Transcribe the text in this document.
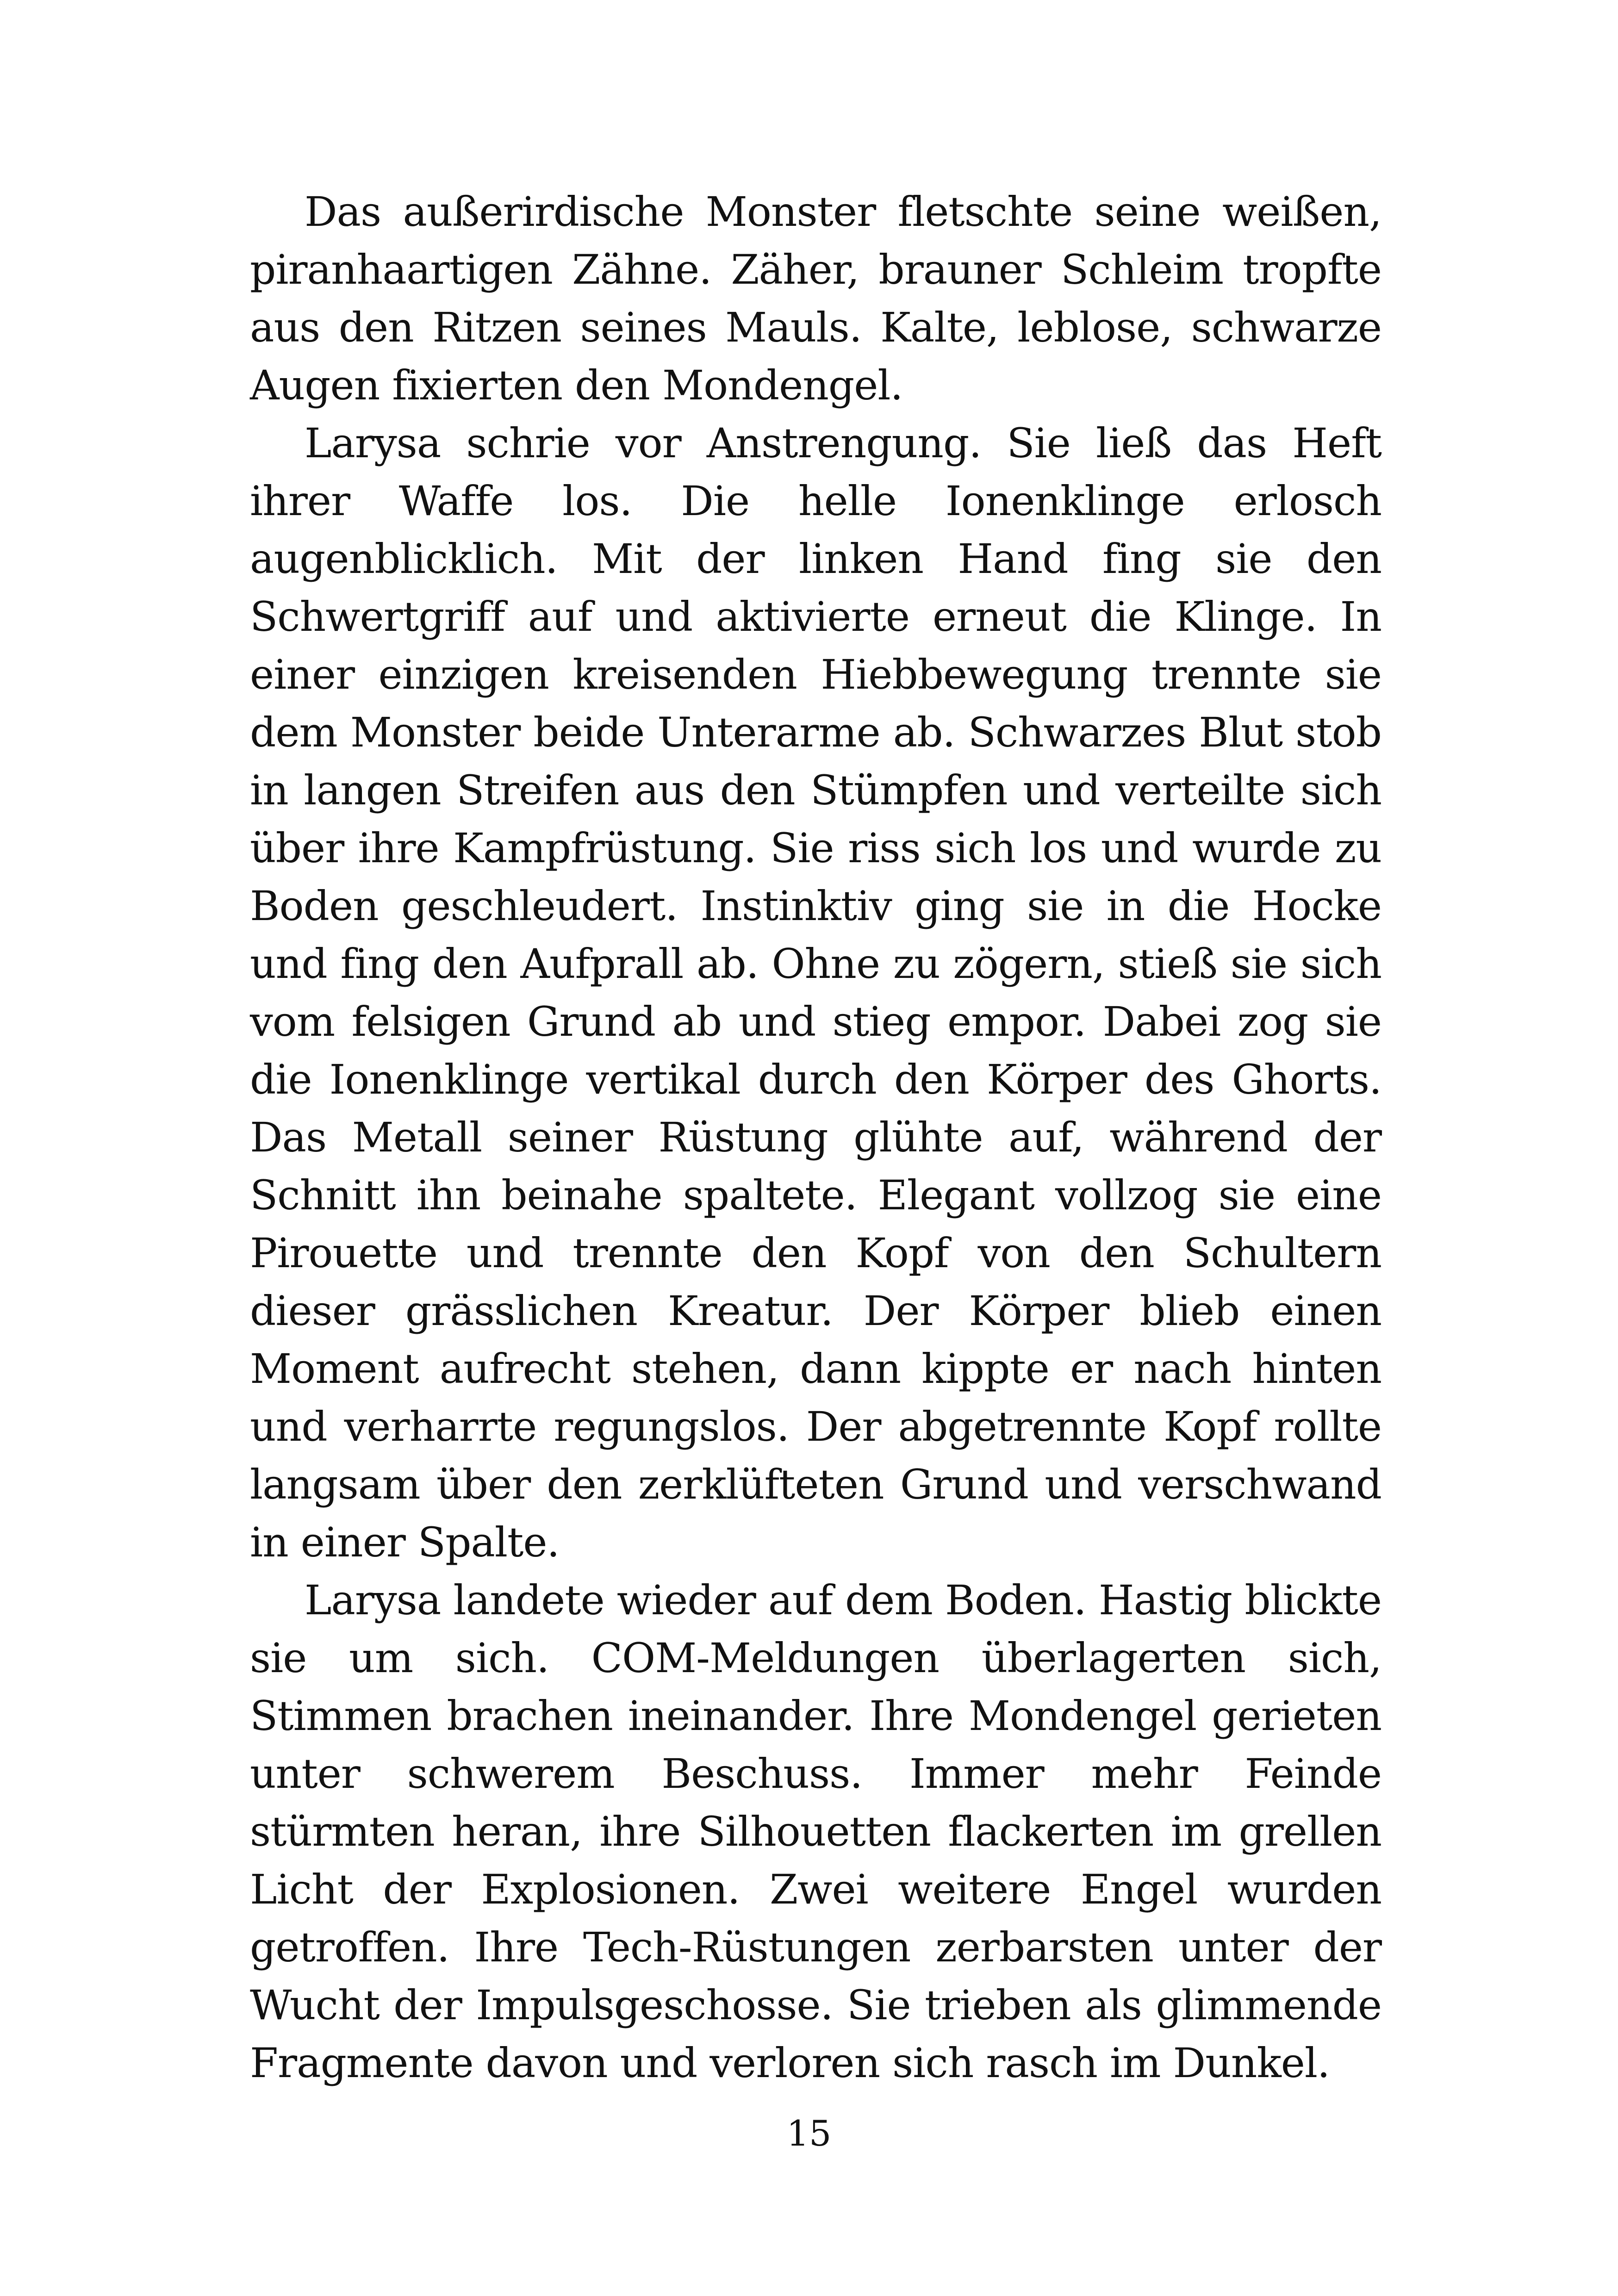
Das außerirdische Monster fletschte seine weißen, piranhaartigen Zähne. Zäher, brauner Schleim tropfte aus den Ritzen seines Mauls. Kalte, leblose, schwarze Augen fixierten den Mondengel.

Larysa schrie vor Anstrengung. Sie ließ das Heft ihrer Waffe los. Die helle Ionenklinge erlosch augenblicklich. Mit der linken Hand fing sie den Schwertgriff auf und aktivierte erneut die Klinge. In einer einzigen kreisenden Hiebbewegung trennte sie dem Monster beide Unterarme ab. Schwarzes Blut stob in langen Streifen aus den Stümpfen und verteilte sich über ihre Kampfrüstung. Sie riss sich los und wurde zu Boden geschleudert. Instinktiv ging sie in die Hocke und fing den Aufprall ab. Ohne zu zögern, stieß sie sich vom felsigen Grund ab und stieg empor. Dabei zog sie die Ionenklinge vertikal durch den Körper des Ghorts. Das Metall seiner Rüstung glühte auf, während der Schnitt ihn beinahe spaltete. Elegant vollzog sie eine Pirouette und trennte den Kopf von den Schultern dieser grässlichen Kreatur. Der Körper blieb einen Moment aufrecht stehen, dann kippte er nach hinten und verharrte regungslos. Der abgetrennte Kopf rollte langsam über den zerklüfteten Grund und verschwand in einer Spalte.

Larysa landete wieder auf dem Boden. Hastig blickte sie um sich. COM-Meldungen überlagerten sich, Stimmen brachen ineinander. Ihre Mondengel gerieten unter schwerem Beschuss. Immer mehr Feinde stürmten heran, ihre Silhouetten flackerten im grellen Licht der Explosionen. Zwei weitere Engel wurden getroffen. Ihre Tech-Rüstungen zerbarsten unter der Wucht der Impulsgeschosse. Sie trieben als glimmende Fragmente davon und verloren sich rasch im Dunkel.

15
